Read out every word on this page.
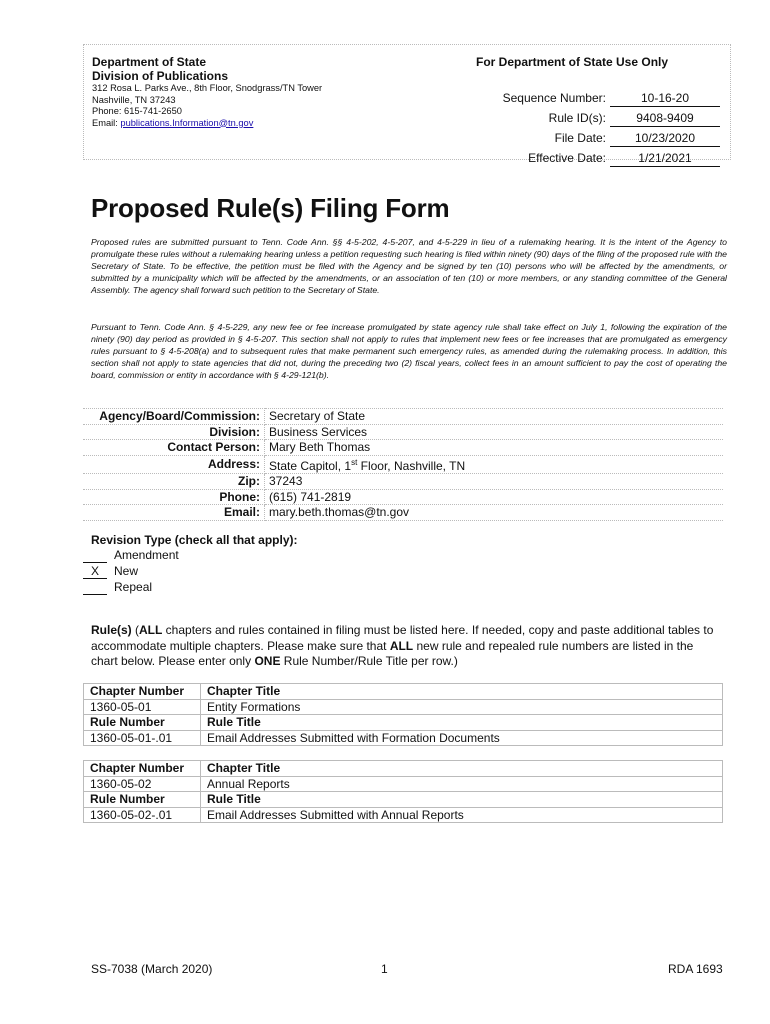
Department of State
Division of Publications
312 Rosa L. Parks Ave., 8th Floor, Snodgrass/TN Tower
Nashville, TN 37243
Phone: 615-741-2650
Email: publications.Information@tn.gov
For Department of State Use Only
Sequence Number:	10-16-20
Rule ID(s):	9408-9409
File Date:	10/23/2020
Effective Date:	1/21/2021
Proposed Rule(s) Filing Form

Proposed rules are submitted pursuant to Tenn. Code Ann. §§ 4-5-202, 4-5-207, and 4-5-229 in lieu of a rulemaking hearing. It is the intent of the Agency to promulgate these rules without a rulemaking hearing unless a petition requesting such hearing is filed within ninety (90) days of the filing of the proposed rule with the Secretary of State. To be effective, the petition must be filed with the Agency and be signed by ten (10) persons who will be affected by the amendments, or submitted by a municipality which will be affected by the amendments, or an association of ten (10) or more members, or any standing committee of the General Assembly. The agency shall forward such petition to the Secretary of State.

Pursuant to Tenn. Code Ann. § 4-5-229, any new fee or fee increase promulgated by state agency rule shall take effect on July 1, following the expiration of the ninety (90) day period as provided in § 4-5-207. This section shall not apply to rules that implement new fees or fee increases that are promulgated as emergency rules pursuant to § 4-5-208(a) and to subsequent rules that make permanent such emergency rules, as amended during the rulemaking process. In addition, this section shall not apply to state agencies that did not, during the preceding two (2) fiscal years, collect fees in an amount sufficient to pay the cost of operating the board, commission or entity in accordance with § 4-29-121(b).

Agency/Board/Commission:	Secretary of State
Division:	Business Services
Contact Person:	Mary Beth Thomas
Address:	State Capitol, 1st Floor, Nashville, TN
Zip:	37243
Phone:	(615) 741-2819
Email:	mary.beth.thomas@tn.gov
Revision Type (check all that apply):
Amendment
X	New
Repeal

Rule(s) (ALL chapters and rules contained in filing must be listed here. If needed, copy and paste additional tables to accommodate multiple chapters. Please make sure that ALL new rule and repealed rule numbers are listed in the chart below. Please enter only ONE Rule Number/Rule Title per row.)

Chapter Number	Chapter Title
1360-05-01	Entity Formations
Rule Number	Rule Title
1360-05-01-.01	Email Addresses Submitted with Formation Documents
Chapter Number	Chapter Title
1360-05-02	Annual Reports
Rule Number	Rule Title
1360-05-02-.01	Email Addresses Submitted with Annual Reports
SS-7038 (March 2020)	1	RDA 1693
